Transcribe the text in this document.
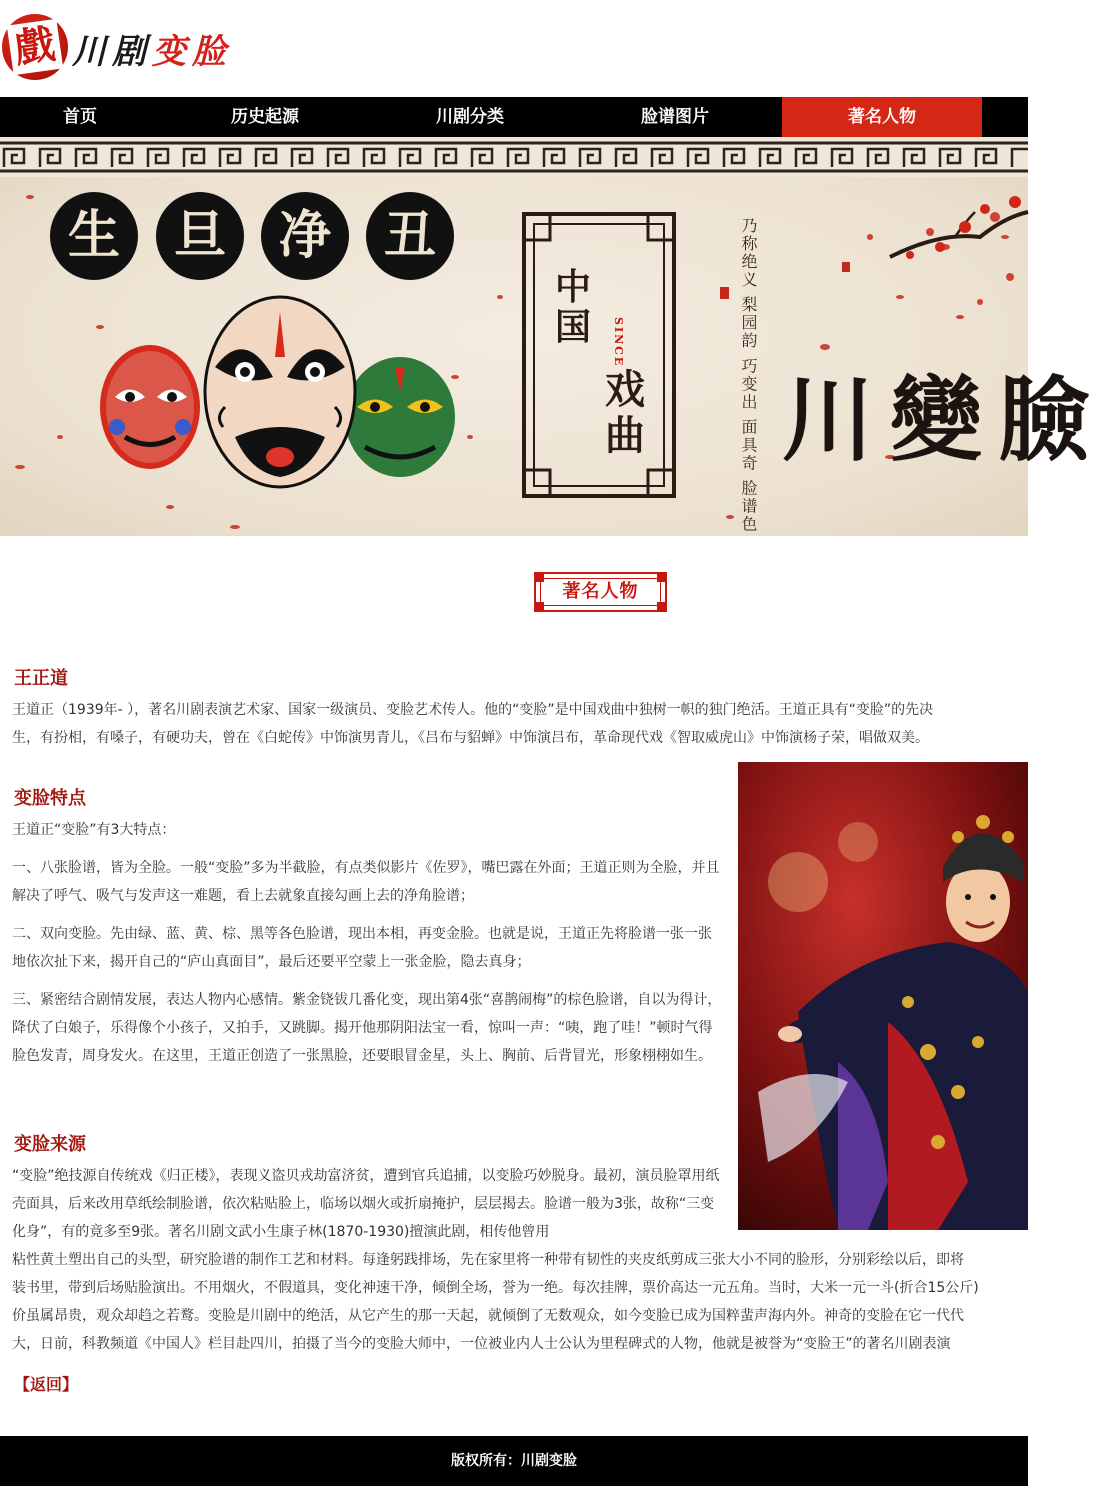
戲 川剧变脸
首页	历史起源	川剧分类	脸谱图片	著名人物
生	旦	净	丑
中国
戏曲
SINCE
乃称绝义 梨园韵 巧变出 面具奇 脸谱色
川變臉
著名人物
王正道
王道正（1939年- ），著名川剧表演艺术家、国家一级演员、变脸艺术传人。他的“变脸”是中国戏曲中独树一帜的独门绝活。王道正具有“变脸”的先决
生，有扮相，有嗓子，有硬功夫，曾在《白蛇传》中饰演男青儿，《吕布与貂蝉》中饰演吕布，革命现代戏《智取威虎山》中饰演杨子荣，唱做双美。
变脸特点
王道正“变脸”有3大特点：
一、八张脸谱，皆为全脸。一般“变脸”多为半截脸，有点类似影片《佐罗》，嘴巴露在外面；王道正则为全脸，并且解决了呼气、吸气与发声这一难题，看上去就象直接勾画上去的净角脸谱；
二、双向变脸。先由绿、蓝、黄、棕、黑等各色脸谱，现出本相，再变金脸。也就是说，王道正先将脸谱一张一张地依次扯下来，揭开自己的“庐山真面目”，最后还要平空蒙上一张金脸，隐去真身；
三、紧密结合剧情发展，表达人物内心感情。紫金铙钹几番化变，现出第4张“喜鹊闹梅”的棕色脸谱，自以为得计，降伏了白娘子，乐得像个小孩子，又拍手，又跳脚。揭开他那阴阳法宝一看，惊叫一声：“咦，跑了哇！”顿时气得脸色发青，周身发火。在这里，王道正创造了一张黑脸，还要眼冒金星，头上、胸前、后背冒光，形象栩栩如生。
变脸来源
“变脸”绝技源自传统戏《归正楼》，表现义盗贝戎劫富济贫，遭到官兵追捕，以变脸巧妙脱身。最初，演员脸罩用纸壳面具，后来改用草纸绘制脸谱，依次粘贴脸上，临场以烟火或折扇掩护，层层揭去。脸谱一般为3张，故称“三变化身”，有的竟多至9张。著名川剧文武小生康子林(1870-1930)擅演此剧，相传他曾用
粘性黄土塑出自己的头型，研究脸谱的制作工艺和材料。每逢躬践排场，先在家里将一种带有韧性的夹皮纸剪成三张大小不同的脸形，分别彩绘以后，即将
装书里，带到后场贴脸演出。不用烟火，不假道具，变化神速干净，倾倒全场，誉为一绝。每次挂牌，票价高达一元五角。当时，大米一元一斗(折合15公斤)
价虽属昂贵，观众却趋之若鹜。变脸是川剧中的绝活，从它产生的那一天起，就倾倒了无数观众，如今变脸已成为国粹蜚声海内外。神奇的变脸在它一代代
大，日前，科教频道《中国人》栏目赴四川，拍摄了当今的变脸大师中，一位被业内人士公认为里程碑式的人物，他就是被誉为“变脸王”的著名川剧表演
【返回】
版权所有：川剧变脸
